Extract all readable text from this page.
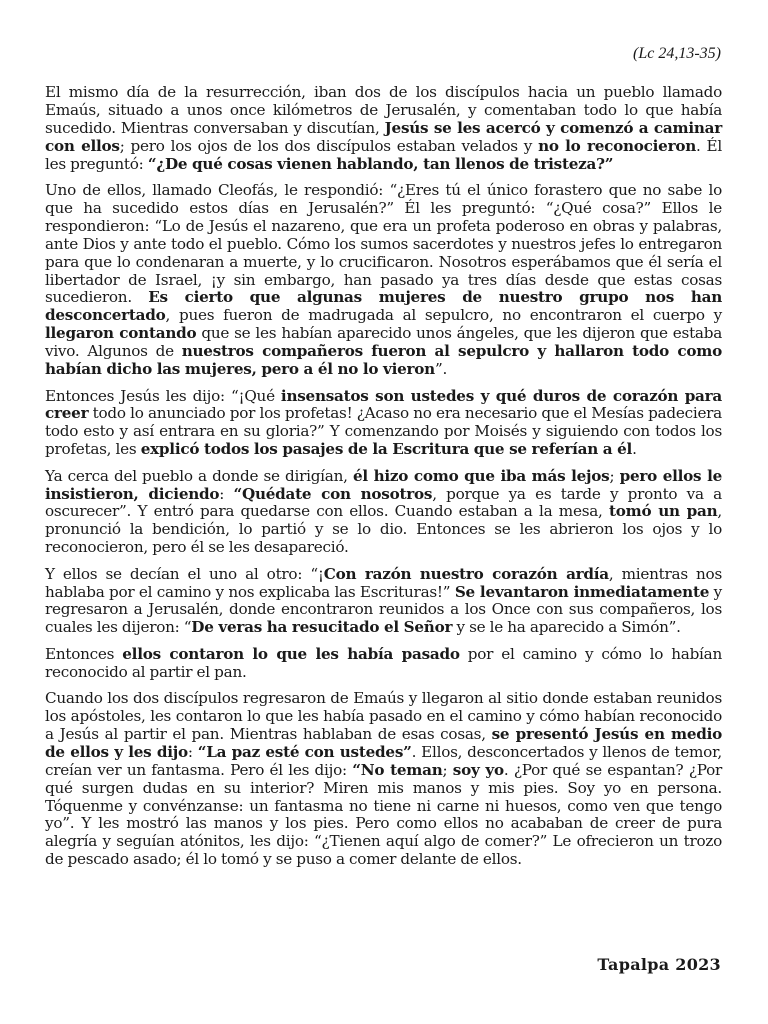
(Lc 24,13-35)

El mismo día de la resurrección, iban dos de los discípulos hacia un pueblo llamado Emaús, situado a unos once kilómetros de Jerusalén, y comentaban todo lo que había sucedido. Mientras conversaban y discutían, Jesús se les acercó y comenzó a caminar con ellos; pero los ojos de los dos discípulos estaban velados y no lo reconocieron. Él les preguntó: “¿De qué cosas vienen hablando, tan llenos de tristeza?”

Uno de ellos, llamado Cleofás, le respondió: “¿Eres tú el único forastero que no sabe lo que ha sucedido estos días en Jerusalén?” Él les preguntó: “¿Qué cosa?” Ellos le respondieron: “Lo de Jesús el nazareno, que era un profeta poderoso en obras y palabras, ante Dios y ante todo el pueblo. Cómo los sumos sacerdotes y nuestros jefes lo entregaron para que lo condenaran a muerte, y lo crucificaron. Nosotros esperábamos que él sería el libertador de Israel, ¡y sin embargo, han pasado ya tres días desde que estas cosas sucedieron. Es cierto que algunas mujeres de nuestro grupo nos han desconcertado, pues fueron de madrugada al sepulcro, no encontraron el cuerpo y llegaron contando que se les habían aparecido unos ángeles, que les dijeron que estaba vivo. Algunos de nuestros compañeros fueron al sepulcro y hallaron todo como habían dicho las mujeres, pero a él no lo vieron”.

Entonces Jesús les dijo: “¡Qué insensatos son ustedes y qué duros de corazón para creer todo lo anunciado por los profetas! ¿Acaso no era necesario que el Mesías padeciera todo esto y así entrara en su gloria?” Y comenzando por Moisés y siguiendo con todos los profetas, les explicó todos los pasajes de la Escritura que se referían a él.

Ya cerca del pueblo a donde se dirigían, él hizo como que iba más lejos; pero ellos le insistieron, diciendo: “Quédate con nosotros, porque ya es tarde y pronto va a oscurecer”. Y entró para quedarse con ellos. Cuando estaban a la mesa, tomó un pan, pronunció la bendición, lo partió y se lo dio. Entonces se les abrieron los ojos y lo reconocieron, pero él se les desapareció.

Y ellos se decían el uno al otro: “¡Con razón nuestro corazón ardía, mientras nos hablaba por el camino y nos explicaba las Escrituras!” Se levantaron inmediatamente y regresaron a Jerusalén, donde encontraron reunidos a los Once con sus compañeros, los cuales les dijeron: “De veras ha resucitado el Señor y se le ha aparecido a Simón”.

Entonces ellos contaron lo que les había pasado por el camino y cómo lo habían reconocido al partir el pan.

Cuando los dos discípulos regresaron de Emaús y llegaron al sitio donde estaban reunidos los apóstoles, les contaron lo que les había pasado en el camino y cómo habían reconocido a Jesús al partir el pan. Mientras hablaban de esas cosas, se presentó Jesús en medio de ellos y les dijo: “La paz esté con ustedes”. Ellos, desconcertados y llenos de temor, creían ver un fantasma. Pero él les dijo: “No teman; soy yo. ¿Por qué se espantan? ¿Por qué surgen dudas en su interior? Miren mis manos y mis pies. Soy yo en persona. Tóquenme y convénzanse: un fantasma no tiene ni carne ni huesos, como ven que tengo yo”. Y les mostró las manos y los pies. Pero como ellos no acababan de creer de pura alegría y seguían atónitos, les dijo: “¿Tienen aquí algo de comer?” Le ofrecieron un trozo de pescado asado; él lo tomó y se puso a comer delante de ellos.

Tapalpa 2023
